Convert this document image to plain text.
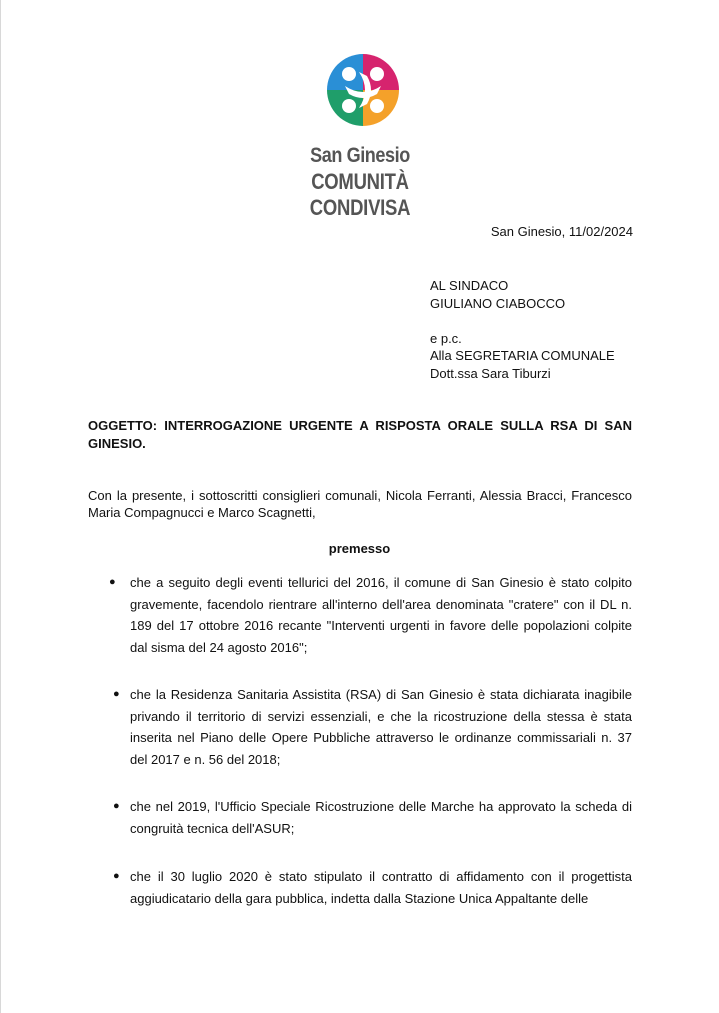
San Ginesio
COMUNITÀ CONDIVISA
San Ginesio, 11/02/2024
AL SINDACO
GIULIANO CIABOCCO
e p.c.
Alla SEGRETARIA COMUNALE
Dott.ssa Sara Tiburzi
OGGETTO: INTERROGAZIONE URGENTE A RISPOSTA ORALE SULLA RSA DI SAN GINESIO.
Con la presente, i sottoscritti consiglieri comunali, Nicola Ferranti, Alessia Bracci, Francesco Maria Compagnucci e Marco Scagnetti,
premesso
● che a seguito degli eventi tellurici del 2016, il comune di San Ginesio è stato colpito gravemente, facendolo rientrare all'interno dell'area denominata "cratere" con il DL n. 189 del 17 ottobre 2016 recante "Interventi urgenti in favore delle popolazioni colpite dal sisma del 24 agosto 2016";
● che la Residenza Sanitaria Assistita (RSA) di San Ginesio è stata dichiarata inagibile privando il territorio di servizi essenziali, e che la ricostruzione della stessa è stata inserita nel Piano delle Opere Pubbliche attraverso le ordinanze commissariali n. 37 del 2017 e n. 56 del 2018;
● che nel 2019, l'Ufficio Speciale Ricostruzione delle Marche ha approvato la scheda di congruità tecnica dell'ASUR;
● che il 30 luglio 2020 è stato stipulato il contratto di affidamento con il progettista aggiudicatario della gara pubblica, indetta dalla Stazione Unica Appaltante delle
